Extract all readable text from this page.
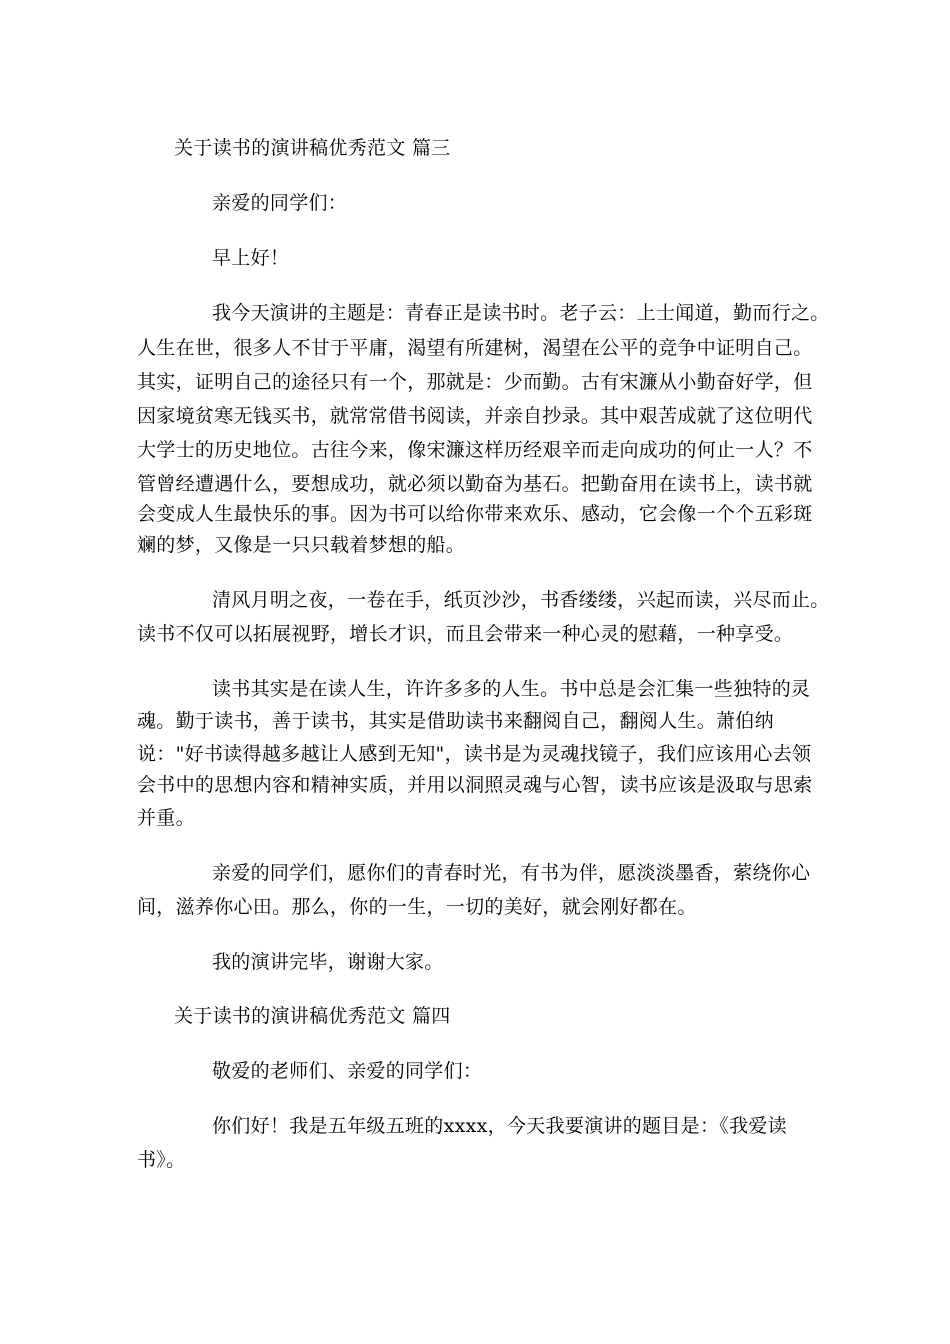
关于读书的演讲稿优秀范文 篇三
亲爱的同学们：
早上好！
我今天演讲的主题是：青春正是读书时。老子云：上士闻道，勤而行之。
人生在世，很多人不甘于平庸，渴望有所建树，渴望在公平的竞争中证明自己。
其实，证明自己的途径只有一个，那就是：少而勤。古有宋濂从小勤奋好学，但
因家境贫寒无钱买书，就常常借书阅读，并亲自抄录。其中艰苦成就了这位明代
大学士的历史地位。古往今来，像宋濂这样历经艰辛而走向成功的何止一人？不
管曾经遭遇什么，要想成功，就必须以勤奋为基石。把勤奋用在读书上，读书就
会变成人生最快乐的事。因为书可以给你带来欢乐、感动，它会像一个个五彩斑
斓的梦，又像是一只只载着梦想的船。
清风月明之夜，一卷在手，纸页沙沙，书香缕缕，兴起而读，兴尽而止。
读书不仅可以拓展视野，增长才识，而且会带来一种心灵的慰藉，一种享受。
读书其实是在读人生，许许多多的人生。书中总是会汇集一些独特的灵
魂。勤于读书，善于读书，其实是借助读书来翻阅自己，翻阅人生。萧伯纳
说："好书读得越多越让人感到无知"，读书是为灵魂找镜子，我们应该用心去领
会书中的思想内容和精神实质，并用以洞照灵魂与心智，读书应该是汲取与思索
并重。
亲爱的同学们，愿你们的青春时光，有书为伴，愿淡淡墨香，萦绕你心
间，滋养你心田。那么，你的一生，一切的美好，就会刚好都在。
我的演讲完毕，谢谢大家。
关于读书的演讲稿优秀范文 篇四
敬爱的老师们、亲爱的同学们：
你们好！我是五年级五班的xxxx，今天我要演讲的题目是：《我爱读
书》。
